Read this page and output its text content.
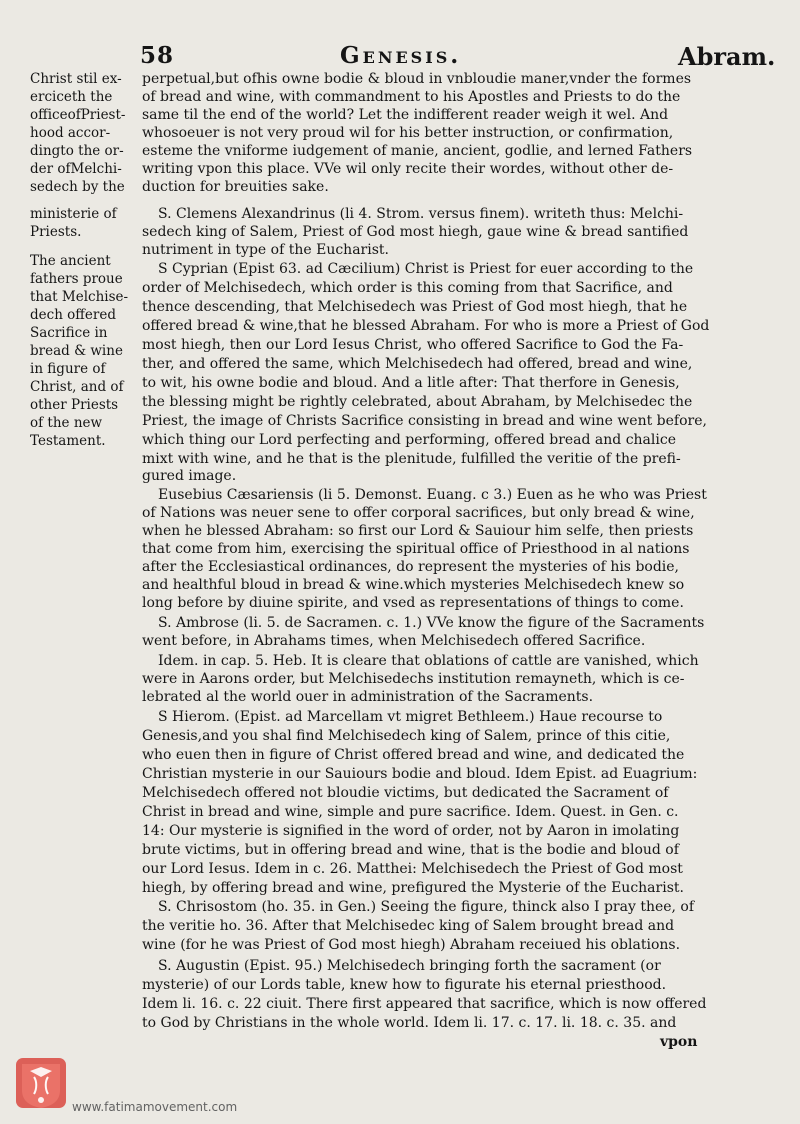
58	Genesis.	Abram.
Christ stil ex-
erciceth the
officeofPriest-
hood accor-
dingto the or-
der ofMelchi-
sedech by the
ministerie of
Priests.
The ancient
fathers proue
that Melchise-
dech offered
Sacrifice in
bread & wine
in figure of
Christ, and of
other Priests
of the new
Testament.
perpetual,but ofhis owne bodie & bloud in vnbloudie maner,vnder the formes
of bread and wine, with commandment to his Apostles and Priests to do the
same til the end of the world? Let the indifferent reader weigh it wel. And
whosoeuer is not very proud wil for his better instruction, or confirmation,
esteme the vniforme iudgement of manie, ancient, godlie, and lerned Fathers
writing vpon this place. VVe wil only recite their wordes, without other de-
duction for breuities sake.
S. Clemens Alexandrinus (li 4. Strom. versus finem). writeth thus: Melchi-
sedech king of Salem, Priest of God most hiegh, gaue wine & bread santified
nutriment in type of the Eucharist.
S Cyprian (Epist 63. ad Cæcilium) Christ is Priest for euer according to the
order of Melchisedech, which order is this coming from that Sacrifice, and
thence descending, that Melchisedech was Priest of God most hiegh, that he
offered bread & wine,that he blessed Abraham. For who is more a Priest of God
most hiegh, then our Lord Iesus Christ, who offered Sacrifice to God the Fa-
ther, and offered the same, which Melchisedech had offered, bread and wine,
to wit, his owne bodie and bloud. And a litle after: That therfore in Genesis,
the blessing might be rightly celebrated, about Abraham, by Melchisedec the
Priest, the image of Christs Sacrifice consisting in bread and wine went before,
which thing our Lord perfecting and performing, offered bread and chalice
mixt with wine, and he that is the plenitude, fulfilled the veritie of the prefi-
gured image.
Eusebius Cæsariensis (li 5. Demonst. Euang. c 3.) Euen as he who was Priest
of Nations was neuer sene to offer corporal sacrifices, but only bread & wine,
when he blessed Abraham: so first our Lord & Sauiour him selfe, then priests
that come from him, exercising the spiritual office of Priesthood in al nations
after the Ecclesiastical ordinances, do represent the mysteries of his bodie,
and healthful bloud in bread & wine.which mysteries Melchisedech knew so
long before by diuine spirite, and vsed as representations of things to come.
S. Ambrose (li. 5. de Sacramen. c. 1.) VVe know the figure of the Sacraments
went before, in Abrahams times, when Melchisedech offered Sacrifice.
Idem. in cap. 5. Heb. It is cleare that oblations of cattle are vanished, which
were in Aarons order, but Melchisedechs institution remayneth, which is ce-
lebrated al the world ouer in administration of the Sacraments.
S Hierom. (Epist. ad Marcellam vt migret Bethleem.) Haue recourse to
Genesis,and you shal find Melchisedech king of Salem, prince of this citie,
who euen then in figure of Christ offered bread and wine, and dedicated the
Christian mysterie in our Sauiours bodie and bloud. Idem Epist. ad Euagrium:
Melchisedech offered not bloudie victims, but dedicated the Sacrament of
Christ in bread and wine, simple and pure sacrifice. Idem. Quest. in Gen. c.
14: Our mysterie is signified in the word of order, not by Aaron in imolating
brute victims, but in offering bread and wine, that is the bodie and bloud of
our Lord Iesus. Idem in c. 26. Matthei: Melchisedech the Priest of God most
hiegh, by offering bread and wine, prefigured the Mysterie of the Eucharist.
S. Chrisostom (ho. 35. in Gen.) Seeing the figure, thinck also I pray thee, of
the veritie ho. 36. After that Melchisedec king of Salem brought bread and
wine (for he was Priest of God most hiegh) Abraham receiued his oblations.
S. Augustin (Epist. 95.) Melchisedech bringing forth the sacrament (or
mysterie) of our Lords table, knew how to figurate his eternal priesthood.
Idem li. 16. c. 22 ciuit. There first appeared that sacrifice, which is now offered
to God by Christians in the whole world. Idem li. 17. c. 17. li. 18. c. 35. and
vpon
www.fatimamovement.com
